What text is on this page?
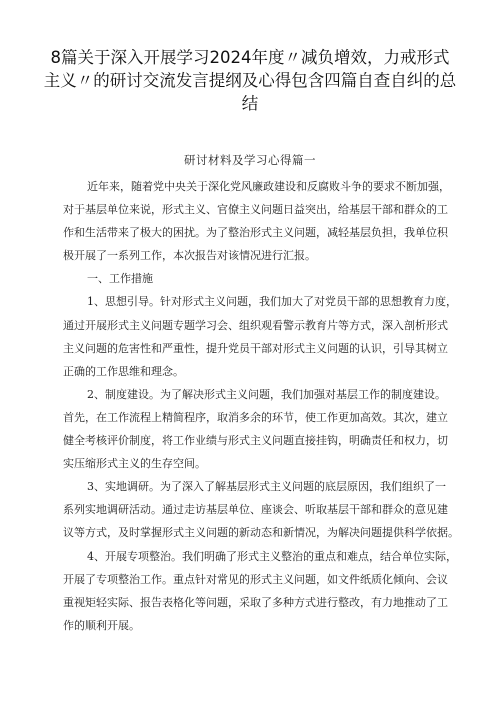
8篇关于深入开展学习2024年度〃减负增效，力戒形式
主义〃的研讨交流发言提纲及心得包含四篇自查自纠的总
结
研讨材料及学习心得篇一

近年来，随着党中央关于深化党风廉政建设和反腐败斗争的要求不断加强，
对于基层单位来说，形式主义、官僚主义问题日益突出，给基层干部和群众的工
作和生活带来了极大的困扰。为了整治形式主义问题，减轻基层负担，我单位积
极开展了一系列工作，本次报告对该情况进行汇报。

一、工作措施

1、思想引导。针对形式主义问题，我们加大了对党员干部的思想教育力度，
通过开展形式主义问题专题学习会、组织观看警示教育片等方式，深入剖析形式
主义问题的危害性和严重性，提升党员干部对形式主义问题的认识，引导其树立
正确的工作思维和理念。

2、制度建设。为了解决形式主义问题，我们加强对基层工作的制度建设。
首先，在工作流程上精简程序，取消多余的环节，使工作更加高效。其次，建立
健全考核评价制度，将工作业绩与形式主义问题直接挂钩，明确责任和权力，切
实压缩形式主义的生存空间。

3、实地调研。为了深入了解基层形式主义问题的底层原因，我们组织了一
系列实地调研活动。通过走访基层单位、座谈会、听取基层干部和群众的意见建
议等方式，及时掌握形式主义问题的新动态和新情况，为解决问题提供科学依据。

4、开展专项整治。我们明确了形式主义整治的重点和难点，结合单位实际，
开展了专项整治工作。重点针对常见的形式主义问题，如文件纸质化倾向、会议
重视矩轻实际、报告表格化等问题，采取了多种方式进行整改，有力地推动了工
作的顺利开展。
